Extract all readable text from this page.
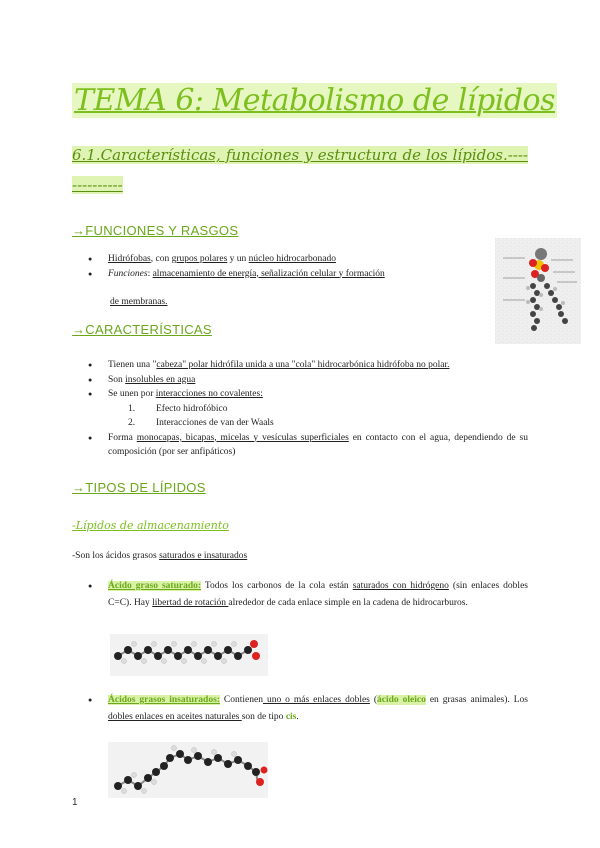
TEMA 6: Metabolismo de lípidos
6.1.Características, funciones y estructura de los lípidos.--------------
→FUNCIONES Y RASGOS
● Hidrófobas, con grupos polares y un núcleo hidrocarbonado
● Funciones: almacenamiento de energía, señalización celular y formación
de membranas.
→CARACTERÍSTICAS
● Tienen una "cabeza" polar hidrófila unida a una "cola" hidrocarbónica hidrófoba no polar.
● Son insolubles en agua
● Se unen por interacciones no covalentes:
1. Efecto hidrofóbico
2. Interacciones de van der Waals
● Forma monocapas, bicapas, micelas y vesículas superficiales en contacto con el agua, dependiendo de su composición (por ser anfipáticos)
→TIPOS DE LÍPIDOS
-Lípidos de almacenamiento
-Son los ácidos grasos saturados e insaturados
● Ácido graso saturado: Todos los carbonos de la cola están saturados con hidrógeno (sin enlaces dobles C=C). Hay libertad de rotación alrededor de cada enlace simple en la cadena de hidrocarburos.
● Ácidos grasos insaturados: Contienen uno o más enlaces dobles (ácido oleico en grasas animales). Los dobles enlaces en aceites naturales son de tipo cis.
1
